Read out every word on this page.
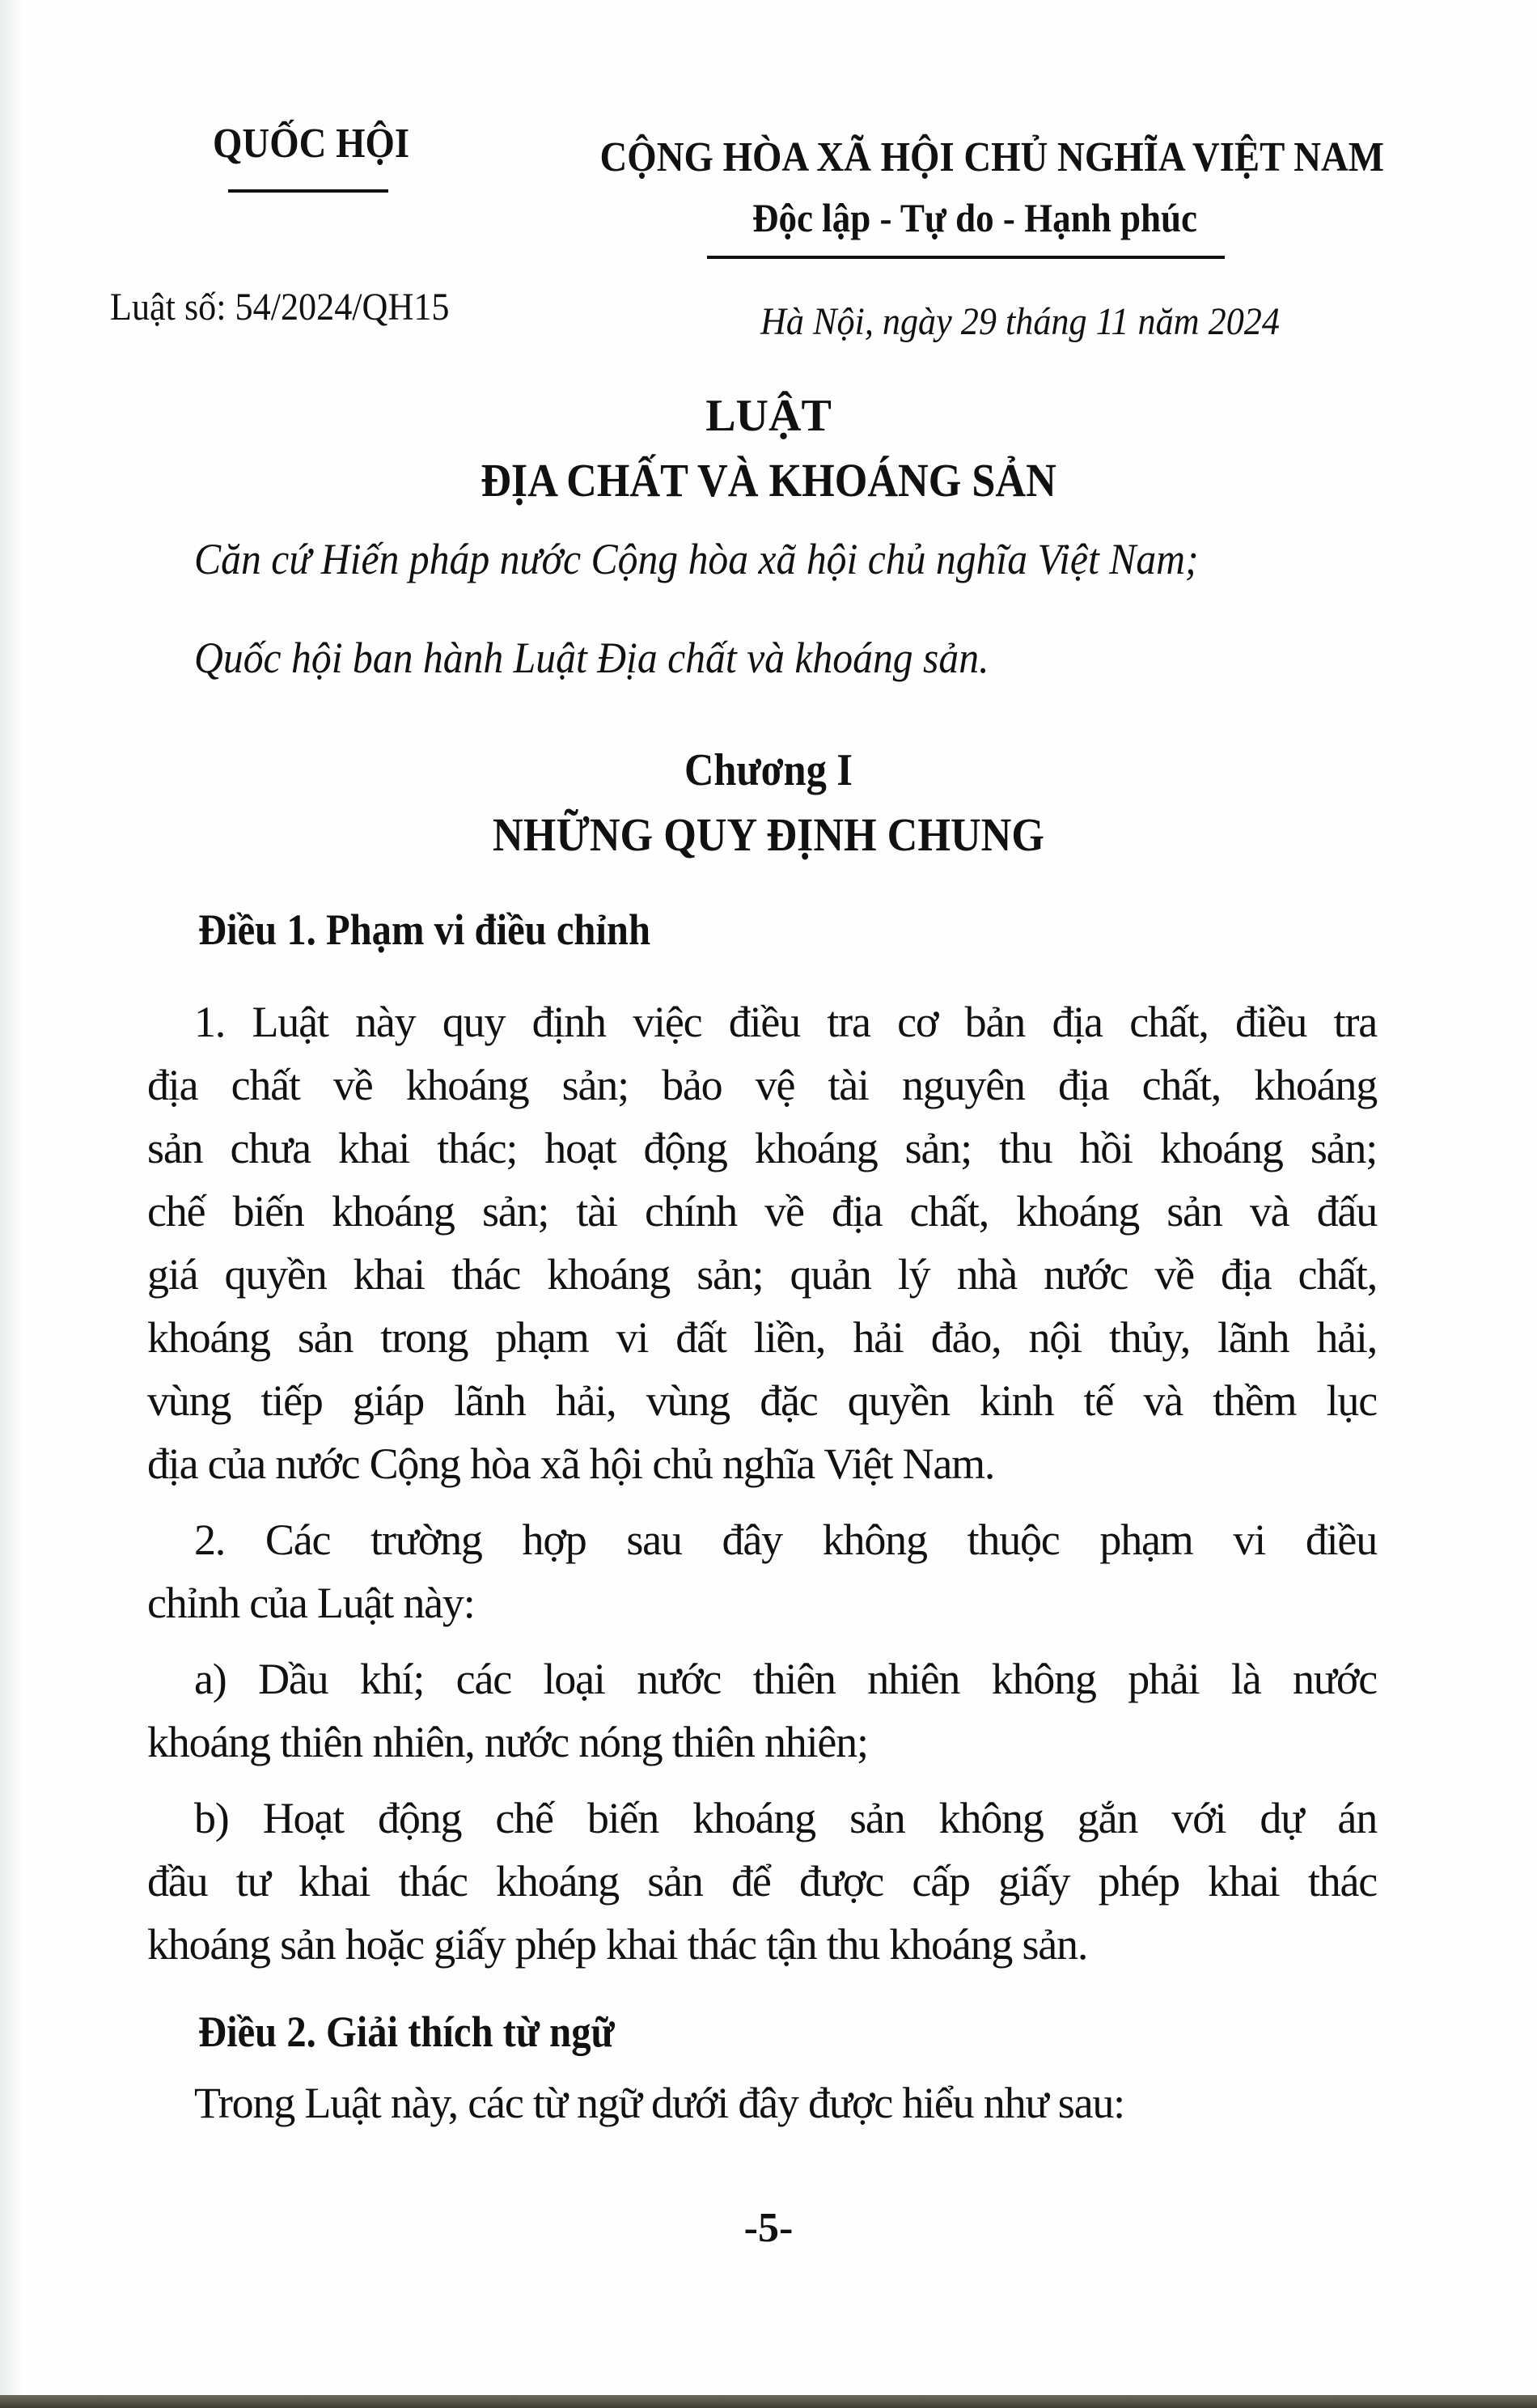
QUỐC HỘI	CỘNG HÒA XÃ HỘI CHỦ NGHĨA VIỆT NAM
Độc lập - Tự do - Hạnh phúc
Luật số: 54/2024/QH15	Hà Nội, ngày 29 tháng 11 năm 2024
LUẬT
ĐỊA CHẤT VÀ KHOÁNG SẢN
Căn cứ Hiến pháp nước Cộng hòa xã hội chủ nghĩa Việt Nam;
Quốc hội ban hành Luật Địa chất và khoáng sản.
Chương I
NHỮNG QUY ĐỊNH CHUNG
Điều 1. Phạm vi điều chỉnh
1. Luật này quy định việc điều tra cơ bản địa chất, điều tra
địa chất về khoáng sản; bảo vệ tài nguyên địa chất, khoáng
sản chưa khai thác; hoạt động khoáng sản; thu hồi khoáng sản;
chế biến khoáng sản; tài chính về địa chất, khoáng sản và đấu
giá quyền khai thác khoáng sản; quản lý nhà nước về địa chất,
khoáng sản trong phạm vi đất liền, hải đảo, nội thủy, lãnh hải,
vùng tiếp giáp lãnh hải, vùng đặc quyền kinh tế và thềm lục
địa của nước Cộng hòa xã hội chủ nghĩa Việt Nam.
2. Các trường hợp sau đây không thuộc phạm vi điều
chỉnh của Luật này:
a) Dầu khí; các loại nước thiên nhiên không phải là nước
khoáng thiên nhiên, nước nóng thiên nhiên;
b) Hoạt động chế biến khoáng sản không gắn với dự án
đầu tư khai thác khoáng sản để được cấp giấy phép khai thác
khoáng sản hoặc giấy phép khai thác tận thu khoáng sản.
Điều 2. Giải thích từ ngữ
Trong Luật này, các từ ngữ dưới đây được hiểu như sau:
-5-
